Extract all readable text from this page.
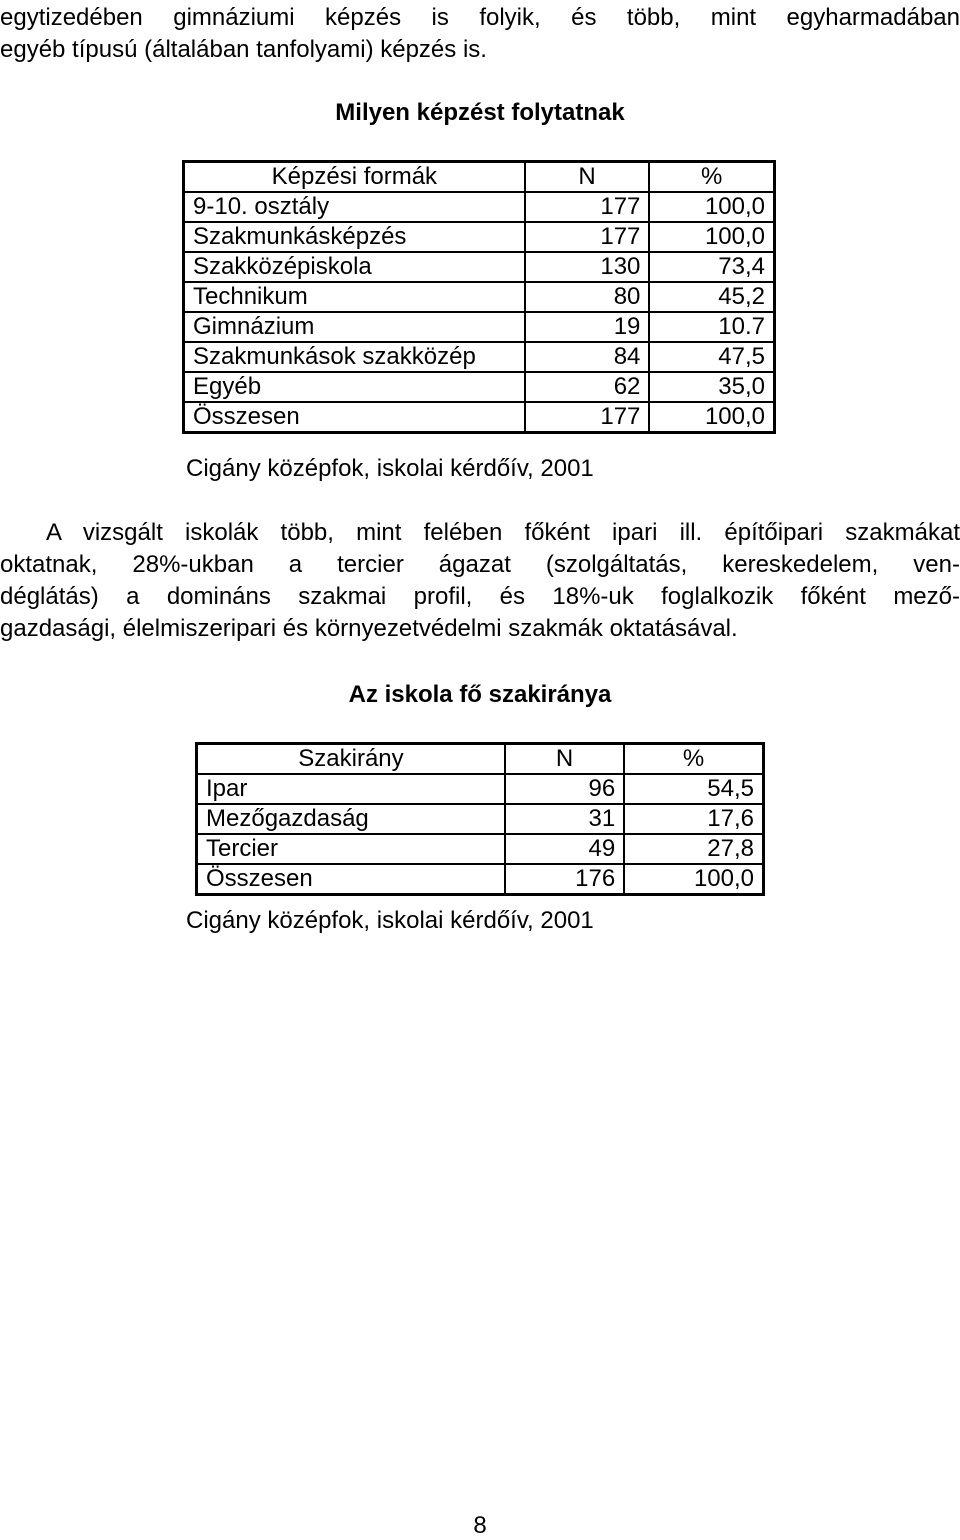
egytizedében gimnáziumi képzés is folyik, és több, mint egyharmadában
egyéb típusú (általában tanfolyami) képzés is.
Milyen képzést folytatnak
Képzési formák	N	%
9-10. osztály	177	100,0
Szakmunkásképzés	177	100,0
Szakközépiskola	130	73,4
Technikum	80	45,2
Gimnázium	19	10.7
Szakmunkások szakközép	84	47,5
Egyéb	62	35,0
Összesen	177	100,0
Cigány középfok, iskolai kérdőív, 2001
A vizsgált iskolák több, mint felében főként ipari ill. építőipari szakmákat
oktatnak, 28%-ukban a tercier ágazat (szolgáltatás, kereskedelem, ven-
déglátás) a domináns szakmai profil, és 18%-uk foglalkozik főként mező-
gazdasági, élelmiszeripari és környezetvédelmi szakmák oktatásával.
Az iskola fő szakiránya
Szakirány	N	%
Ipar	96	54,5
Mezőgazdaság	31	17,6
Tercier	49	27,8
Összesen	176	100,0
Cigány középfok, iskolai kérdőív, 2001
8
